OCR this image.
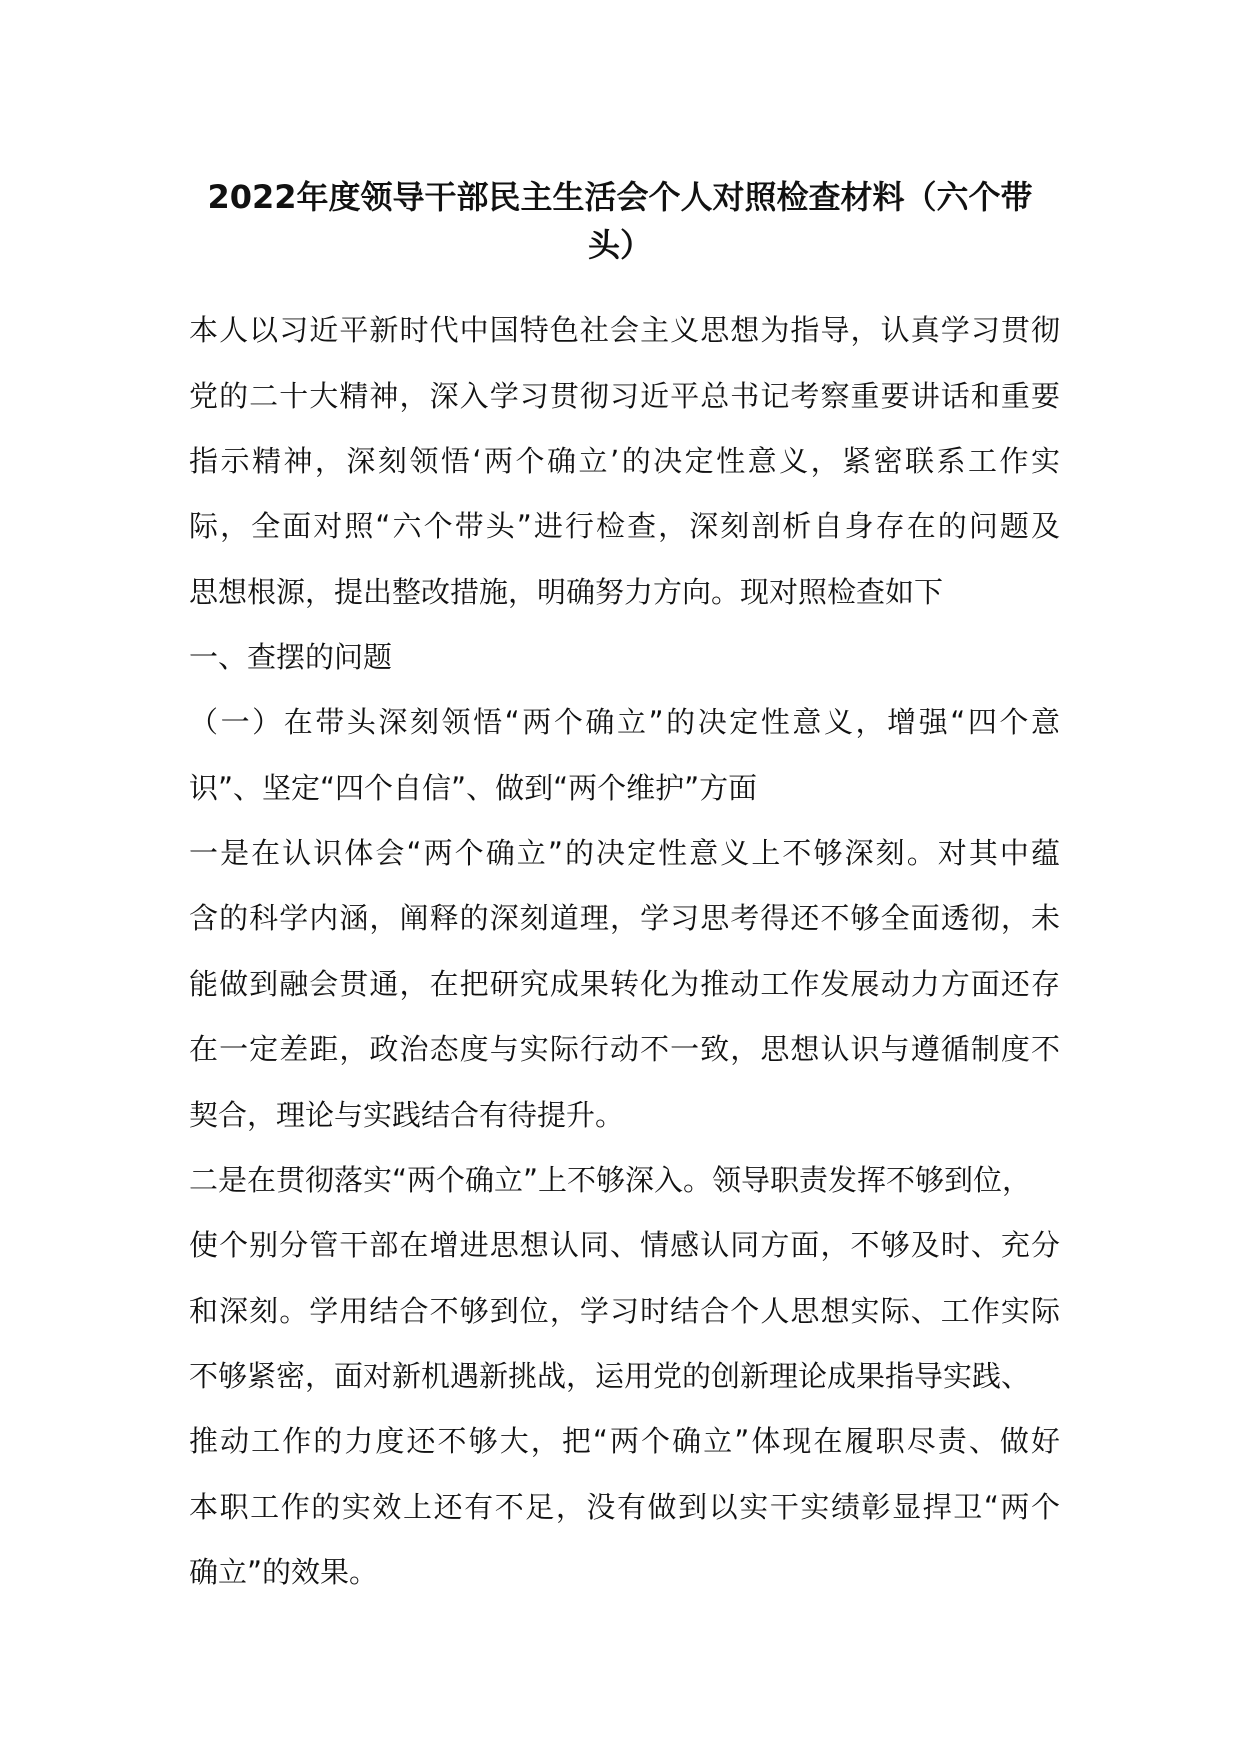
2022年度领导干部民主生活会个人对照检查材料（六个带
头）
本人以习近平新时代中国特色社会主义思想为指导，认真学习贯彻
党的二十大精神，深入学习贯彻习近平总书记考察重要讲话和重要
指示精神，深刻领悟‘两个确立’的决定性意义，紧密联系工作实
际，全面对照“六个带头”进行检查，深刻剖析自身存在的问题及
思想根源，提出整改措施，明确努力方向。现对照检查如下
一、查摆的问题
（一）在带头深刻领悟“两个确立”的决定性意义，增强“四个意
识”、坚定“四个自信”、做到“两个维护”方面
一是在认识体会“两个确立”的决定性意义上不够深刻。对其中蕴
含的科学内涵，阐释的深刻道理，学习思考得还不够全面透彻，未
能做到融会贯通，在把研究成果转化为推动工作发展动力方面还存
在一定差距，政治态度与实际行动不一致，思想认识与遵循制度不
契合，理论与实践结合有待提升。
二是在贯彻落实“两个确立”上不够深入。领导职责发挥不够到位，
使个别分管干部在增进思想认同、情感认同方面，不够及时、充分
和深刻。学用结合不够到位，学习时结合个人思想实际、工作实际
不够紧密，面对新机遇新挑战，运用党的创新理论成果指导实践、
推动工作的力度还不够大，把“两个确立”体现在履职尽责、做好
本职工作的实效上还有不足，没有做到以实干实绩彰显捍卫“两个
确立”的效果。
